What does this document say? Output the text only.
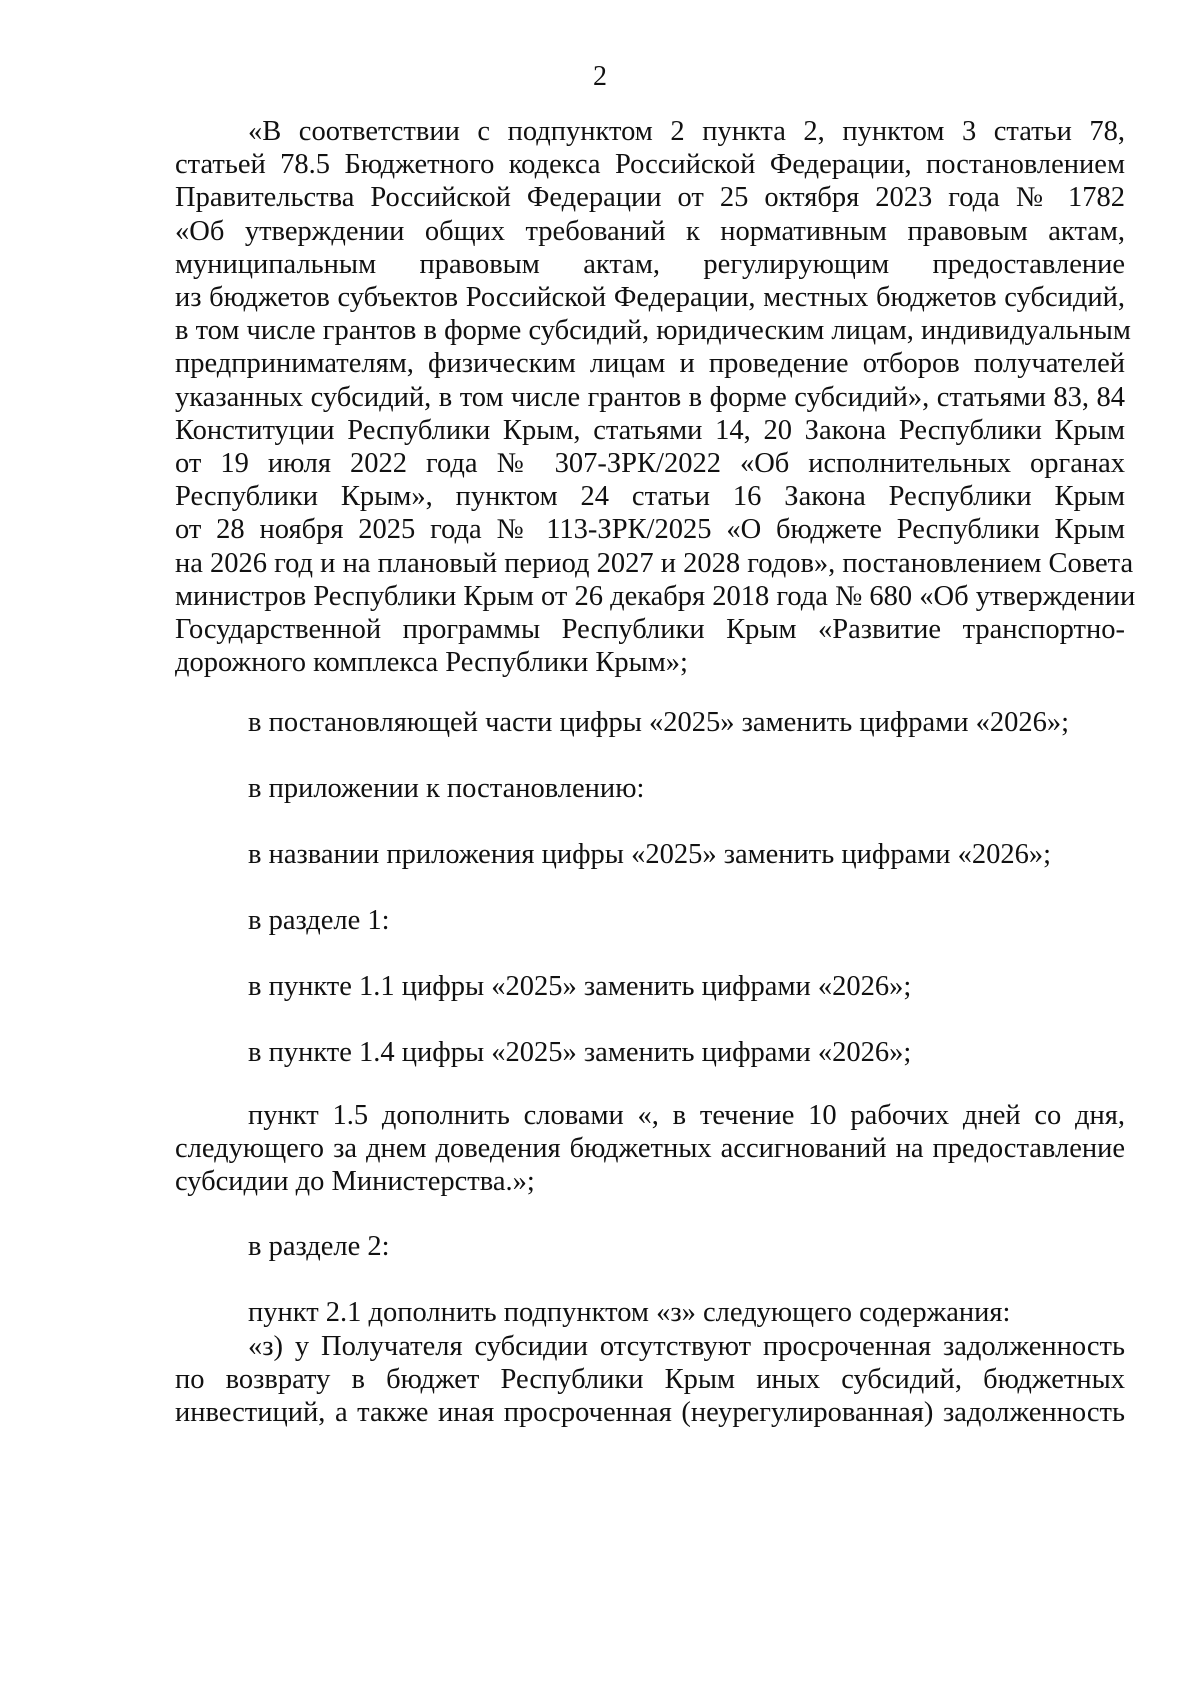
2
«В соответствии с подпунктом 2 пункта 2, пунктом 3 статьи 78,
статьей 78.5 Бюджетного кодекса Российской Федерации, постановлением
Правительства Российской Федерации от 25 октября 2023 года № 1782
«Об утверждении общих требований к нормативным правовым актам,
муниципальным правовым актам, регулирующим предоставление
из бюджетов субъектов Российской Федерации, местных бюджетов субсидий,
в том числе грантов в форме субсидий, юридическим лицам, индивидуальным
предпринимателям, физическим лицам и проведение отборов получателей
указанных субсидий, в том числе грантов в форме субсидий», статьями 83, 84
Конституции Республики Крым, статьями 14, 20 Закона Республики Крым
от 19 июля 2022 года № 307-ЗРК/2022 «Об исполнительных органах
Республики Крым», пунктом 24 статьи 16 Закона Республики Крым
от 28 ноября 2025 года № 113-ЗРК/2025 «О бюджете Республики Крым
на 2026 год и на плановый период 2027 и 2028 годов», постановлением Совета
министров Республики Крым от 26 декабря 2018 года № 680 «Об утверждении
Государственной программы Республики Крым «Развитие транспортно-
дорожного комплекса Республики Крым»;
в постановляющей части цифры «2025» заменить цифрами «2026»;
в приложении к постановлению:
в названии приложения цифры «2025» заменить цифрами «2026»;
в разделе 1:
в пункте 1.1 цифры «2025» заменить цифрами «2026»;
в пункте 1.4 цифры «2025» заменить цифрами «2026»;
пункт 1.5 дополнить словами «, в течение 10 рабочих дней со дня,
следующего за днем доведения бюджетных ассигнований на предоставление
субсидии до Министерства.»;
в разделе 2:
пункт 2.1 дополнить подпунктом «з» следующего содержания:
«з) у Получателя субсидии отсутствуют просроченная задолженность
по возврату в бюджет Республики Крым иных субсидий, бюджетных
инвестиций, а также иная просроченная (неурегулированная) задолженность
